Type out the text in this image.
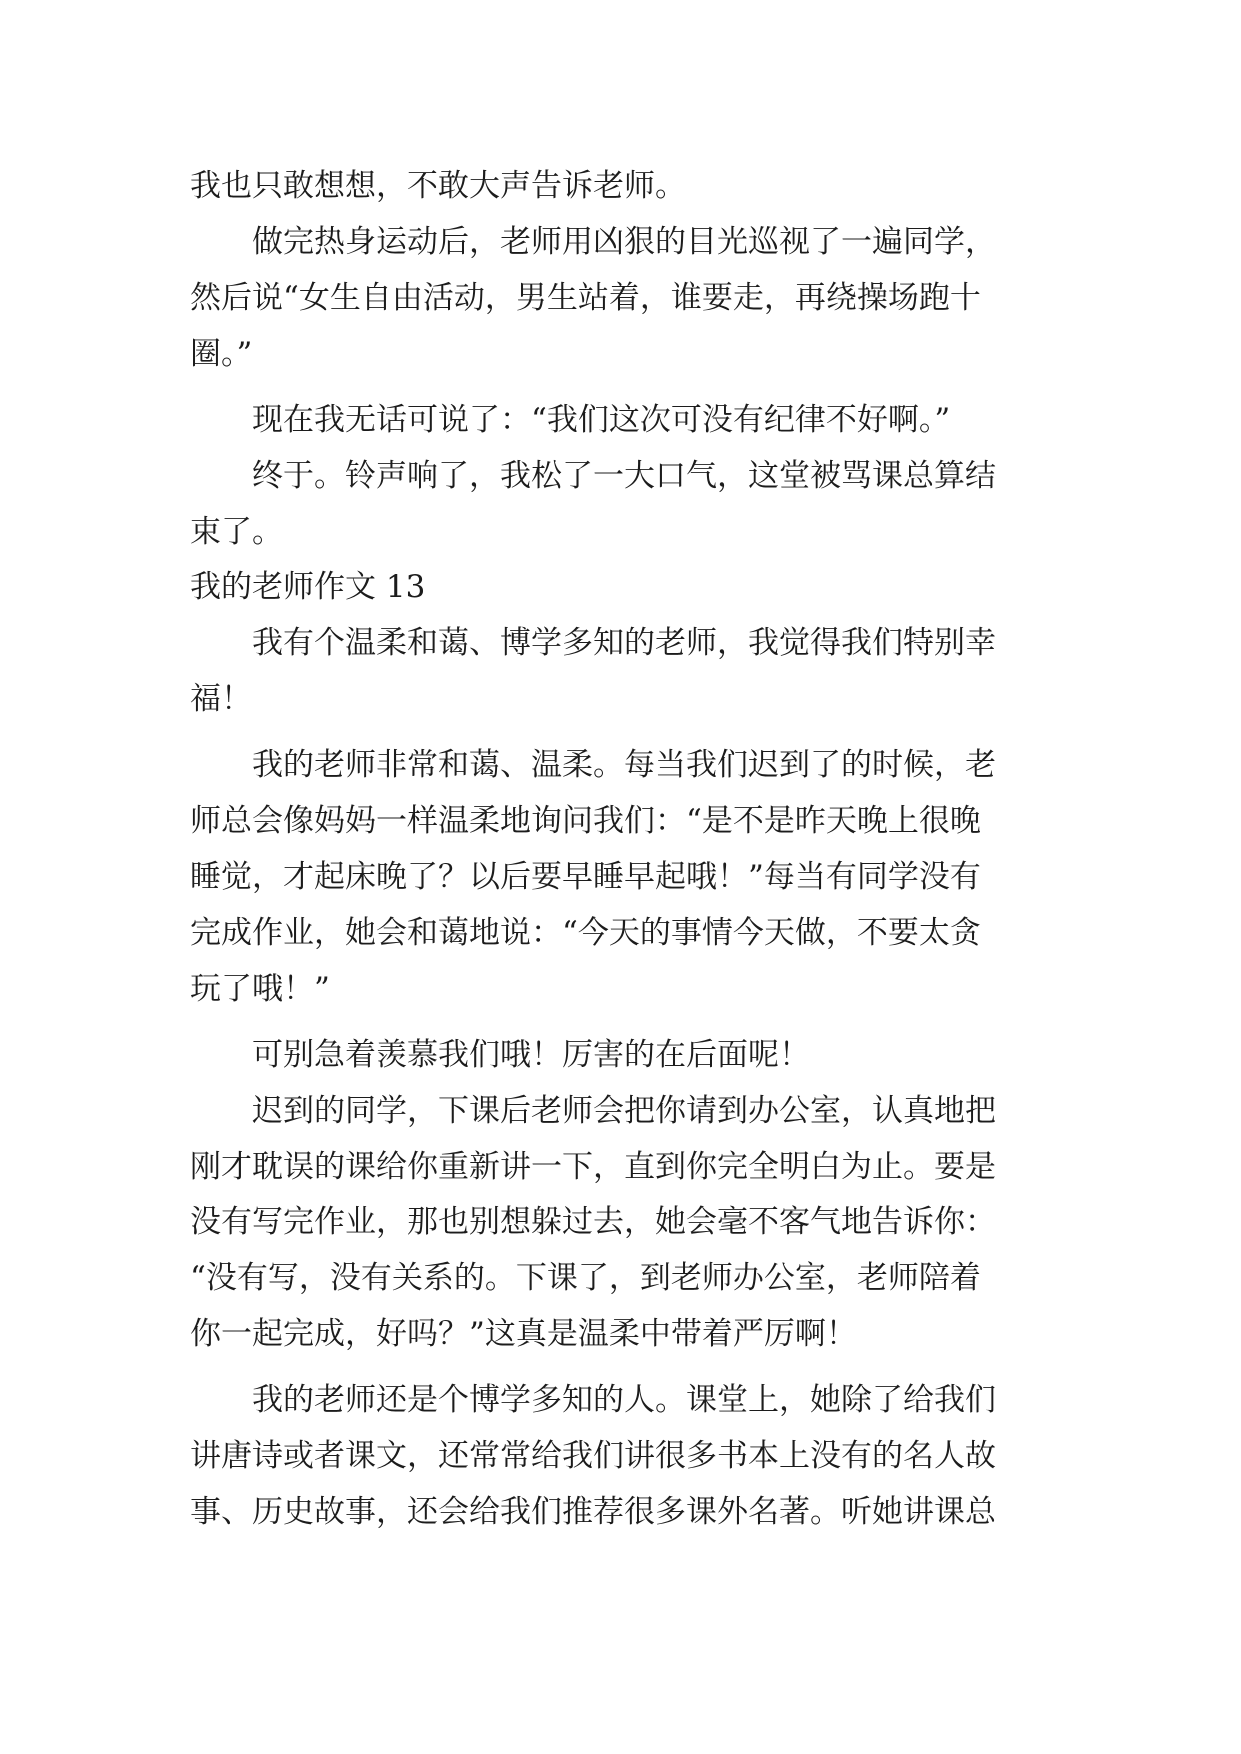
我也只敢想想，不敢大声告诉老师。
　　做完热身运动后，老师用凶狠的目光巡视了一遍同学，
然后说“女生自由活动，男生站着，谁要走，再绕操场跑十
圈。”
　　现在我无话可说了：“我们这次可没有纪律不好啊。”
　　终于。铃声响了，我松了一大口气，这堂被骂课总算结
束了。
我的老师作文 13
　　我有个温柔和蔼、博学多知的老师，我觉得我们特别幸
福！
　　我的老师非常和蔼、温柔。每当我们迟到了的时候，老
师总会像妈妈一样温柔地询问我们：“是不是昨天晚上很晚
睡觉，才起床晚了？以后要早睡早起哦！”每当有同学没有
完成作业，她会和蔼地说：“今天的事情今天做，不要太贪
玩了哦！”
　　可别急着羡慕我们哦！厉害的在后面呢！
　　迟到的同学，下课后老师会把你请到办公室，认真地把
刚才耽误的课给你重新讲一下，直到你完全明白为止。要是
没有写完作业，那也别想躲过去，她会毫不客气地告诉你：
“没有写，没有关系的。下课了，到老师办公室，老师陪着
你一起完成，好吗？”这真是温柔中带着严厉啊！
　　我的老师还是个博学多知的人。课堂上，她除了给我们
讲唐诗或者课文，还常常给我们讲很多书本上没有的名人故
事、历史故事，还会给我们推荐很多课外名著。听她讲课总
